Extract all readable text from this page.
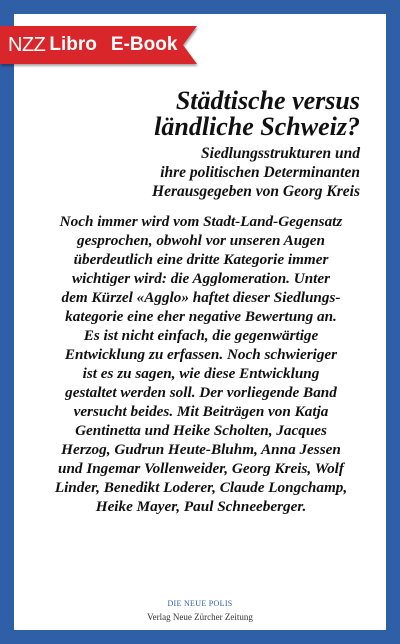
NZZ Libro E-Book

Städtische versus
ländliche Schweiz?

Siedlungsstrukturen und
ihre politischen Determinanten
Herausgegeben von Georg Kreis

Noch immer wird vom Stadt-Land-Gegensatz
gesprochen, obwohl vor unseren Augen
überdeutlich eine dritte Kategorie immer
wichtiger wird: die Agglomeration. Unter
dem Kürzel «Agglo» haftet dieser Siedlungs-
kategorie eine eher negative Bewertung an.
Es ist nicht einfach, die gegenwärtige
Entwicklung zu erfassen. Noch schwieriger
ist es zu sagen, wie diese Entwicklung
gestaltet werden soll. Der vorliegende Band
versucht beides. Mit Beiträgen von Katja
Gentinetta und Heike Scholten, Jacques
Herzog, Gudrun Heute-Bluhm, Anna Jessen
und Ingemar Vollenweider, Georg Kreis, Wolf
Linder, Benedikt Loderer, Claude Longchamp,
Heike Mayer, Paul Schneeberger.

DIE NEUE POLIS
Verlag Neue Zürcher Zeitung
